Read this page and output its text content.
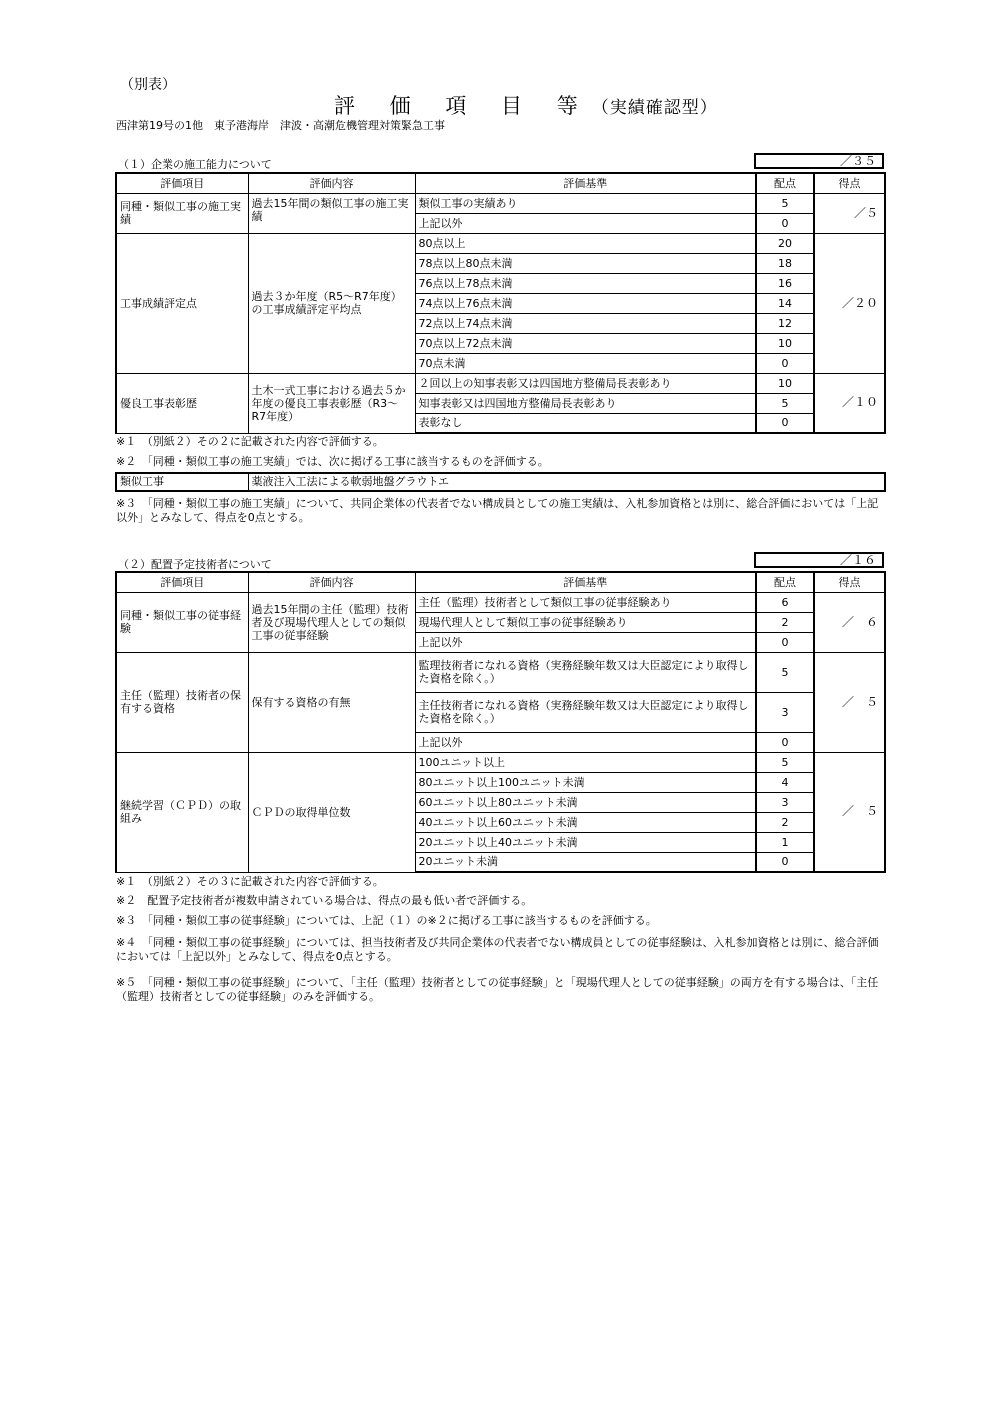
（別表）
評 価 項 目 等（実績確認型）
西津第19号の1他　東予港海岸　津波・高潮危機管理対策緊急工事
（１）企業の施工能力について	／３５
評価項目	評価内容	評価基準	配点	得点
同種・類似工事の施工実績	過去15年間の類似工事の施工実績	類似工事の実績あり	5	／５
		上記以外	0	
工事成績評定点	過去３か年度（R5～R7年度）の工事成績評定平均点	80点以上	20	／２０
		78点以上80点未満	18	
		76点以上78点未満	16	
		74点以上76点未満	14	
		72点以上74点未満	12	
		70点以上72点未満	10	
		70点未満	0	
優良工事表彰歴	土木一式工事における過去５か年度の優良工事表彰歴（R3～R7年度）	２回以上の知事表彰又は四国地方整備局長表彰あり	10	／１０
		知事表彰又は四国地方整備局長表彰あり	5	
		表彰なし	0	
※１　（別紙２）その２に記載された内容で評価する。
※２　「同種・類似工事の施工実績」では、次に掲げる工事に該当するものを評価する。
類似工事	薬液注入工法による軟弱地盤グラウトエ
※３　「同種・類似工事の施工実績」について、共同企業体の代表者でない構成員としての施工実績は、入札参加資格とは別に、総合評価においては「上記以外」とみなして、得点を0点とする。
（２）配置予定技術者について	／１６
評価項目	評価内容	評価基準	配点	得点
同種・類似工事の従事経験	過去15年間の主任（監理）技術者及び現場代理人としての類似工事の従事経験	主任（監理）技術者として類似工事の従事経験あり	6	／　６
		現場代理人として類似工事の従事経験あり	2	
		上記以外	0	
主任（監理）技術者の保有する資格	保有する資格の有無	監理技術者になれる資格（実務経験年数又は大臣認定により取得した資格を除く。）	5	／　５
		主任技術者になれる資格（実務経験年数又は大臣認定により取得した資格を除く。）	3	
		上記以外	0	
継続学習（ＣＰＤ）の取組み	ＣＰＤの取得単位数	100ユニット以上	5	／　５
		80ユニット以上100ユニット未満	4	
		60ユニット以上80ユニット未満	3	
		40ユニット以上60ユニット未満	2	
		20ユニット以上40ユニット未満	1	
		20ユニット未満	0	
※１　（別紙２）その３に記載された内容で評価する。
※２　配置予定技術者が複数申請されている場合は、得点の最も低い者で評価する。
※３　「同種・類似工事の従事経験」については、上記（１）の※２に掲げる工事に該当するものを評価する。
※４　「同種・類似工事の従事経験」については、担当技術者及び共同企業体の代表者でない構成員としての従事経験は、入札参加資格とは別に、総合評価においては「上記以外」とみなして、得点を0点とする。
※５　「同種・類似工事の従事経験」について、「主任（監理）技術者としての従事経験」と「現場代理人としての従事経験」の両方を有する場合は、「主任（監理）技術者としての従事経験」のみを評価する。
